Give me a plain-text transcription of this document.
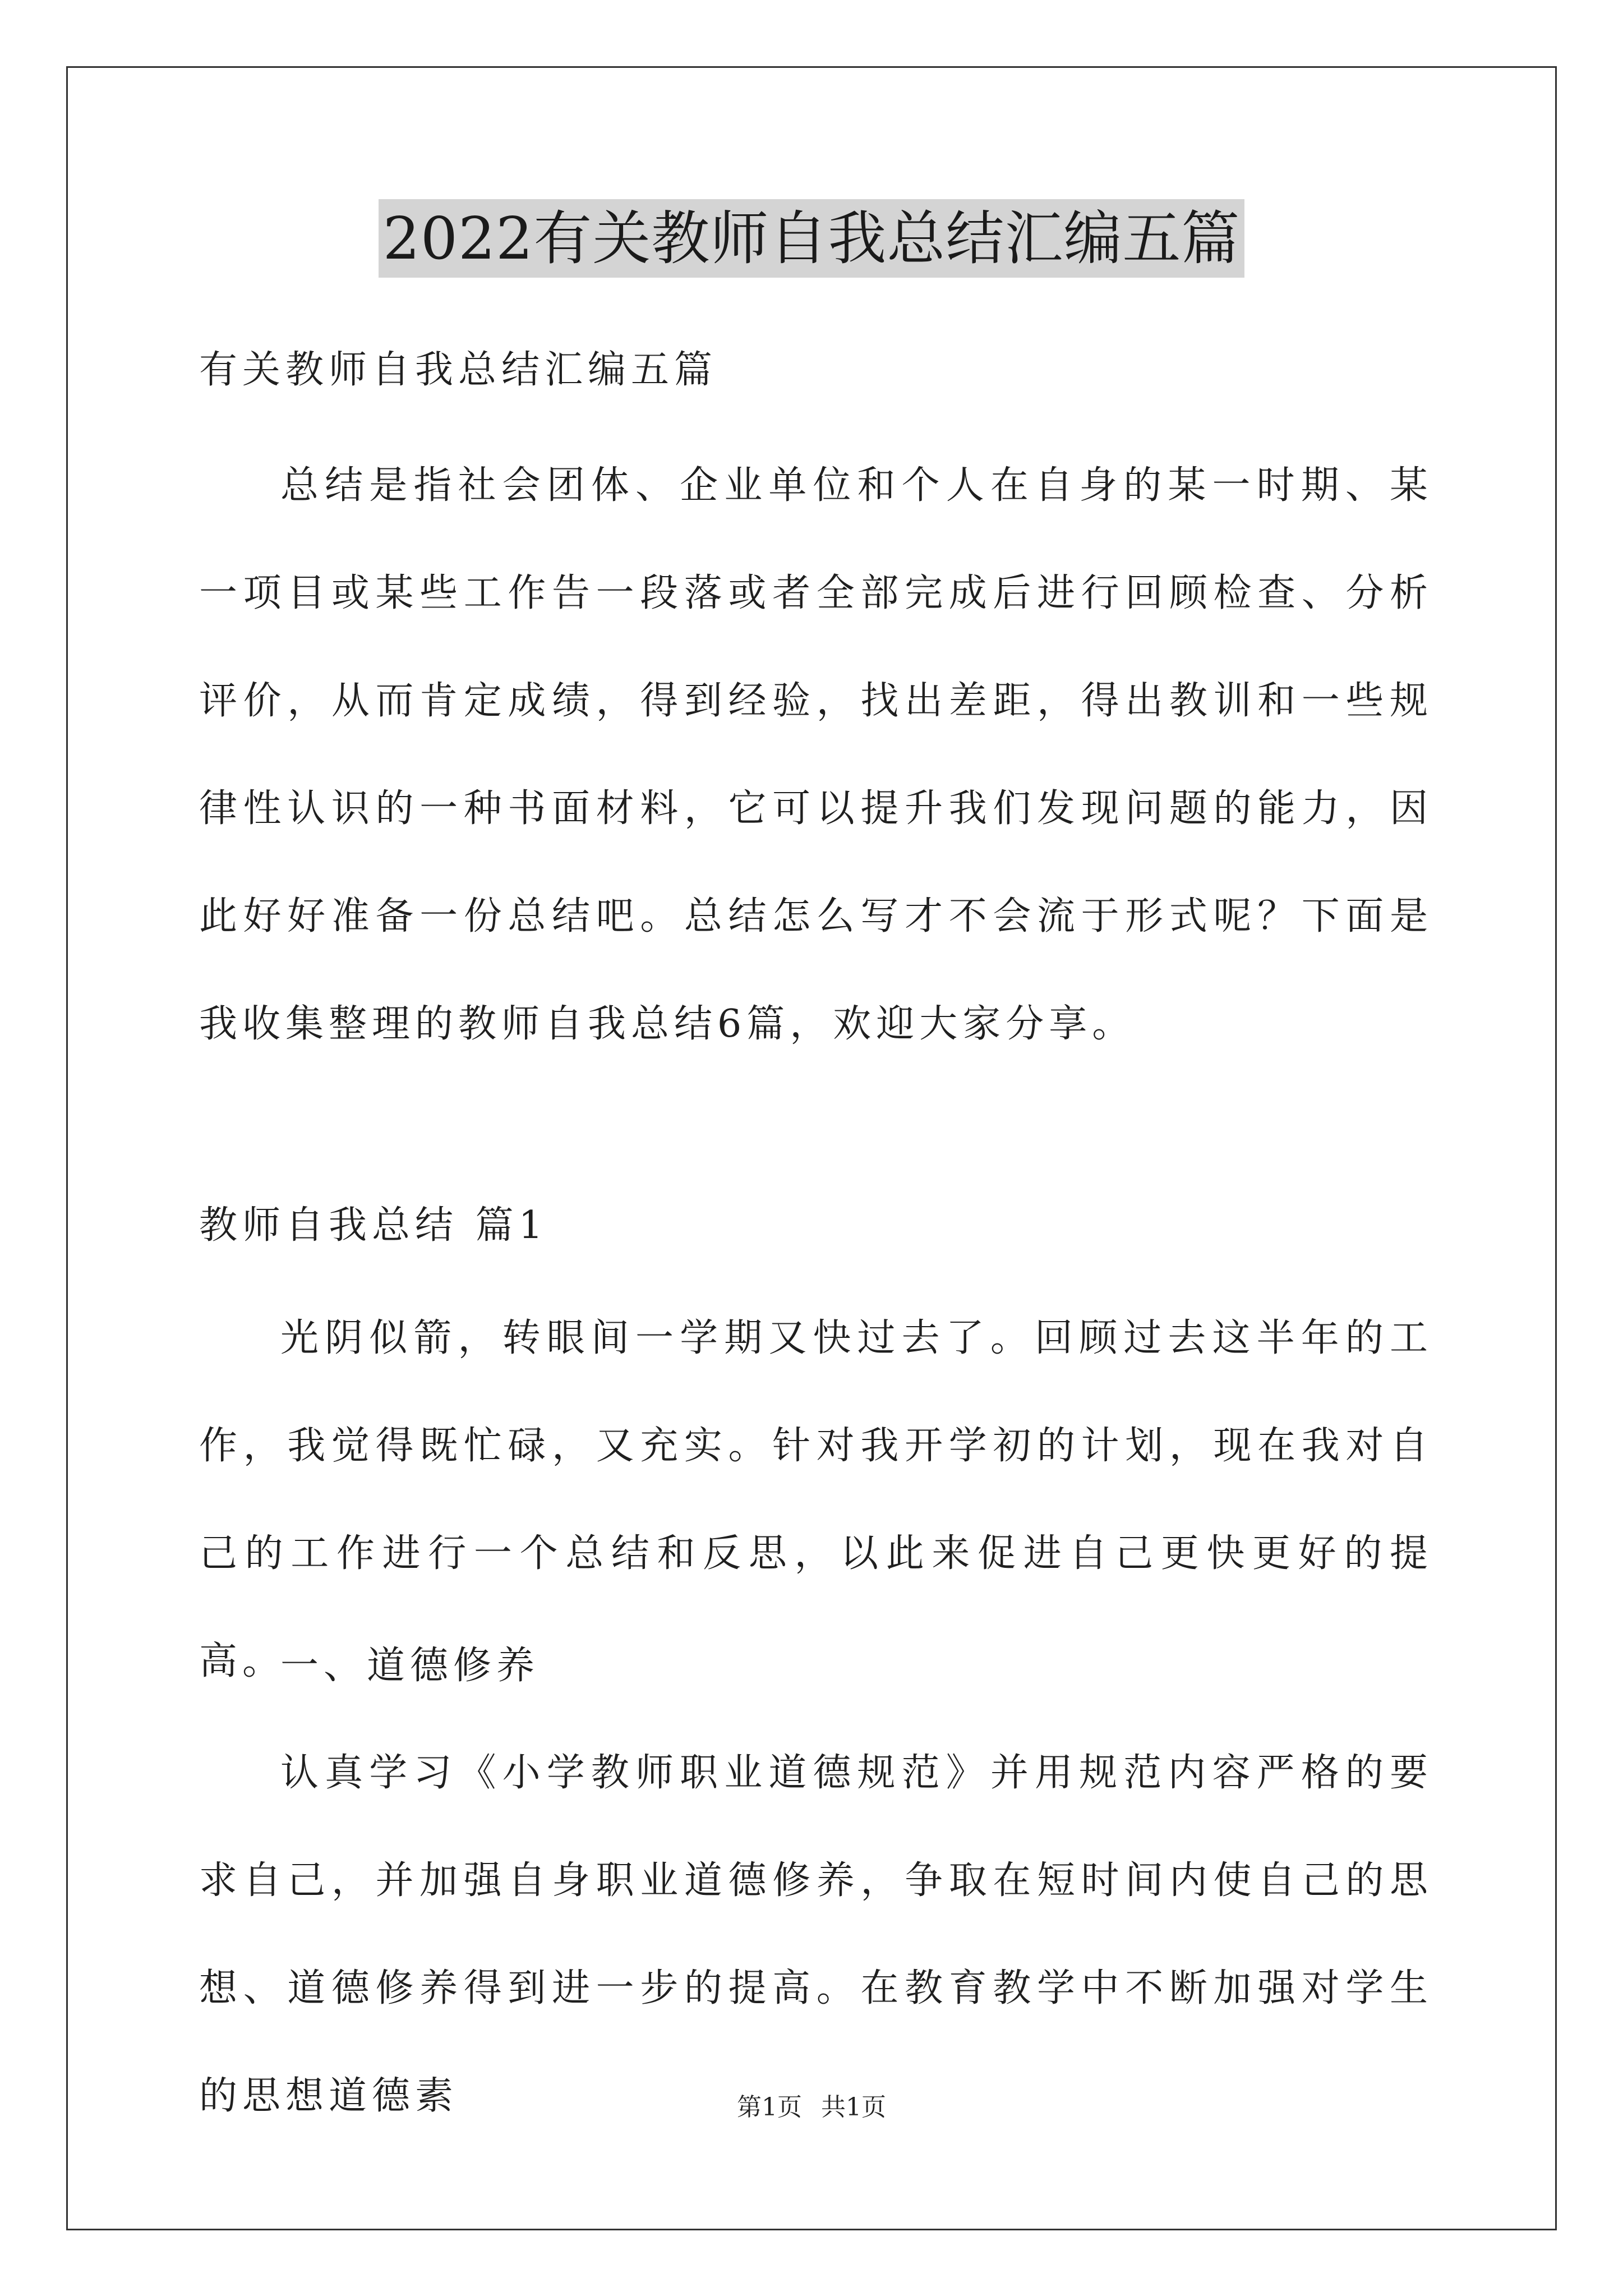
2022有关教师自我总结汇编五篇
有关教师自我总结汇编五篇
总结是指社会团体、企业单位和个人在自身的某一时期、某一项目或某些工作告一段落或者全部完成后进行回顾检查、分析评价，从而肯定成绩，得到经验，找出差距，得出教训和一些规律性认识的一种书面材料，它可以提升我们发现问题的能力，因此好好准备一份总结吧。总结怎么写才不会流于形式呢？下面是我收集整理的教师自我总结6篇，欢迎大家分享。
教师自我总结 篇1
光阴似箭，转眼间一学期又快过去了。回顾过去这半年的工作，我觉得既忙碌，又充实。针对我开学初的计划，现在我对自己的工作进行一个总结和反思，以此来促进自己更快更好的提高。
一、道德修养
认真学习《小学教师职业道德规范》并用规范内容严格的要求自己，并加强自身职业道德修养，争取在短时间内使自己的思想、道德修养得到进一步的提高。在教育教学中不断加强对学生的思想道德素	第1页 共1页
